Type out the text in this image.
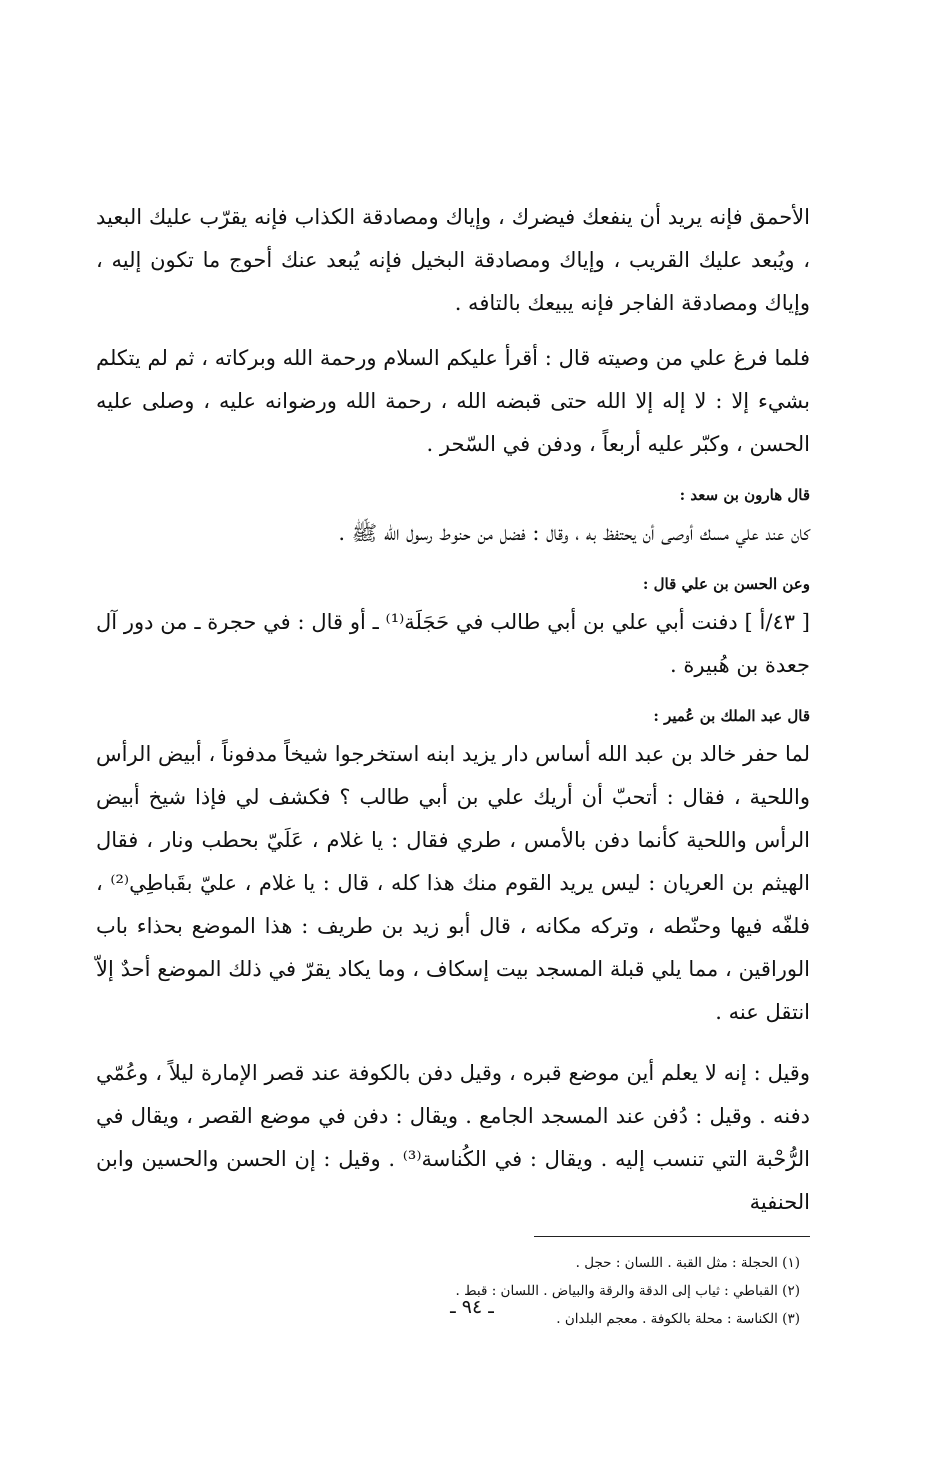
الأحمق فإنه يريد أن ينفعك فيضرك ، وإياك ومصادقة الكذاب فإنه يقرّب عليك البعيد ، ويُبعد عليك القريب ، وإياك ومصادقة البخيل فإنه يُبعد عنك أحوج ما تكون إليه ، وإياك ومصادقة الفاجر فإنه يبيعك بالتافه .

فلما فرغ علي من وصيته قال : أقرأ عليكم السلام ورحمة الله وبركاته ، ثم لم يتكلم بشيء إلا : لا إله إلا الله حتى قبضه الله ، رحمة الله ورضوانه عليه ، وصلى عليه الحسن ، وكبّر عليه أربعاً ، ودفن في السّحر .

قال هارون بن سعد :

كان عند علي مسك أوصى أن يحتفظ به ، وقال : فضل من حنوط رسول الله ﷺ .

وعن الحسن بن علي قال :

[ ٤٣/أ ] دفنت أبي علي بن أبي طالب في حَجَلَة⁽¹⁾ ـ أو قال : في حجرة ـ من دور آل جعدة بن هُبيرة .

قال عبد الملك بن عُمير :

لما حفر خالد بن عبد الله أساس دار يزيد ابنه استخرجوا شيخاً مدفوناً ، أبيض الرأس واللحية ، فقال : أتحبّ أن أريك علي بن أبي طالب ؟ فكشف لي فإذا شيخ أبيض الرأس واللحية كأنما دفن بالأمس ، طري فقال : يا غلام ، عَلَيّ بحطب ونار ، فقال الهيثم بن العريان : ليس يريد القوم منك هذا كله ، قال : يا غلام ، عليّ بقَباطِي⁽²⁾ ، فلفّه فيها وحنّطه ، وتركه مكانه ، قال أبو زيد بن طريف : هذا الموضع بحذاء باب الوراقين ، مما يلي قبلة المسجد بيت إسكاف ، وما يكاد يقرّ في ذلك الموضع أحدٌ إلاّ انتقل عنه .

وقيل : إنه لا يعلم أين موضع قبره ، وقيل دفن بالكوفة عند قصر الإمارة ليلاً ، وعُمّي دفنه . وقيل : دُفن عند المسجد الجامع . ويقال : دفن في موضع القصر ، ويقال في الرُّحْبة التي تنسب إليه . ويقال : في الكُناسة⁽³⁾ . وقيل : إن الحسن والحسين وابن الحنفية

(١) الحجلة : مثل القبة . اللسان : حجل .

(٢) القباطي : ثياب إلى الدقة والرقة والبياض . اللسان : قبط .

(٣) الكناسة : محلة بالكوفة . معجم البلدان .

ـ ٩٤ ـ
